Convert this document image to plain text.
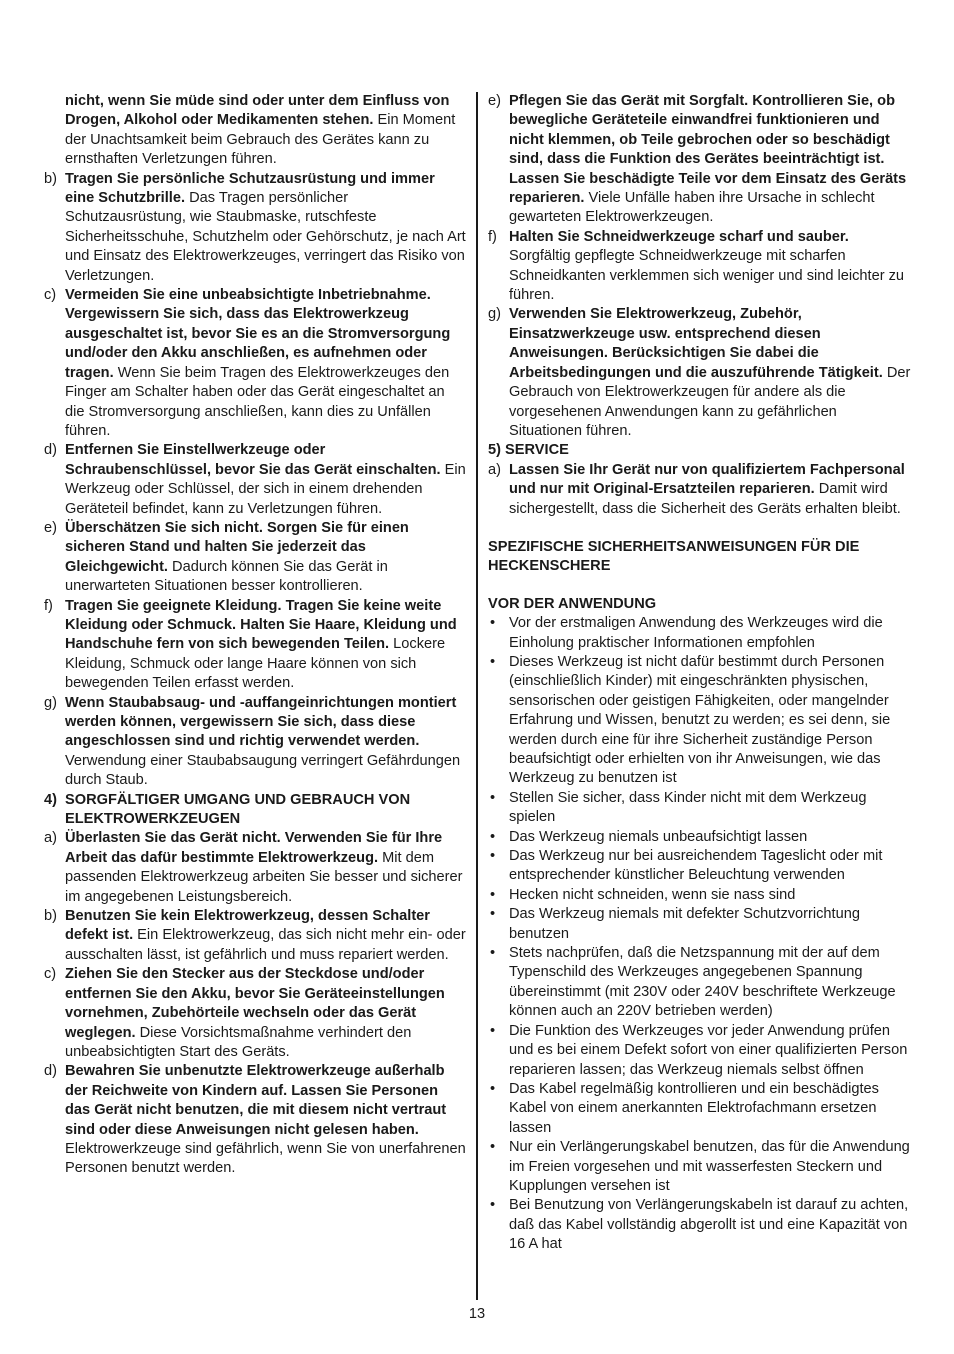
nicht, wenn Sie müde sind oder unter dem Einfluss von Drogen, Alkohol oder Medikamenten stehen. Ein Moment der Unachtsamkeit beim Gebrauch des Gerätes kann zu ernsthaften Verletzungen führen.

b) Tragen Sie persönliche Schutzausrüstung und immer eine Schutzbrille. Das Tragen persönlicher Schutzausrüstung, wie Staubmaske, rutschfeste Sicherheitsschuhe, Schutzhelm oder Gehörschutz, je nach Art und Einsatz des Elektrowerkzeuges, verringert das Risiko von Verletzungen.

c) Vermeiden Sie eine unbeabsichtigte Inbetriebnahme. Vergewissern Sie sich, dass das Elektrowerkzeug ausgeschaltet ist, bevor Sie es an die Stromversorgung und/oder den Akku anschließen, es aufnehmen oder tragen. Wenn Sie beim Tragen des Elektrowerkzeuges den Finger am Schalter haben oder das Gerät eingeschaltet an die Stromversorgung anschließen, kann dies zu Unfällen führen.

d) Entfernen Sie Einstellwerkzeuge oder Schraubenschlüssel, bevor Sie das Gerät einschalten. Ein Werkzeug oder Schlüssel, der sich in einem drehenden Geräteteil befindet, kann zu Verletzungen führen.

e) Überschätzen Sie sich nicht. Sorgen Sie für einen sicheren Stand und halten Sie jederzeit das Gleichgewicht. Dadurch können Sie das Gerät in unerwarteten Situationen besser kontrollieren.

f) Tragen Sie geeignete Kleidung. Tragen Sie keine weite Kleidung oder Schmuck. Halten Sie Haare, Kleidung und Handschuhe fern von sich bewegenden Teilen. Lockere Kleidung, Schmuck oder lange Haare können von sich bewegenden Teilen erfasst werden.

g) Wenn Staubabsaug- und -auffangeinrichtungen montiert werden können, vergewissern Sie sich, dass diese angeschlossen sind und richtig verwendet werden. Verwendung einer Staubabsaugung verringert Gefährdungen durch Staub.

4) SORGFÄLTIGER UMGANG UND GEBRAUCH VON ELEKTROWERKZEUGEN

a) Überlasten Sie das Gerät nicht. Verwenden Sie für Ihre Arbeit das dafür bestimmte Elektrowerkzeug. Mit dem passenden Elektrowerkzeug arbeiten Sie besser und sicherer im angegebenen Leistungsbereich.

b) Benutzen Sie kein Elektrowerkzeug, dessen Schalter defekt ist. Ein Elektrowerkzeug, das sich nicht mehr ein- oder ausschalten lässt, ist gefährlich und muss repariert werden.

c) Ziehen Sie den Stecker aus der Steckdose und/oder entfernen Sie den Akku, bevor Sie Geräteeinstellungen vornehmen, Zubehörteile wechseln oder das Gerät weglegen. Diese Vorsichtsmaßnahme verhindert den unbeabsichtigten Start des Geräts.

d) Bewahren Sie unbenutzte Elektrowerkzeuge außerhalb der Reichweite von Kindern auf. Lassen Sie Personen das Gerät nicht benutzen, die mit diesem nicht vertraut sind oder diese Anweisungen nicht gelesen haben. Elektrowerkzeuge sind gefährlich, wenn Sie von unerfahrenen Personen benutzt werden.

e) Pflegen Sie das Gerät mit Sorgfalt. Kontrollieren Sie, ob bewegliche Geräteteile einwandfrei funktionieren und nicht klemmen, ob Teile gebrochen oder so beschädigt sind, dass die Funktion des Gerätes beeinträchtigt ist. Lassen Sie beschädigte Teile vor dem Einsatz des Geräts reparieren. Viele Unfälle haben ihre Ursache in schlecht gewarteten Elektrowerkzeugen.

f) Halten Sie Schneidwerkzeuge scharf und sauber. Sorgfältig gepflegte Schneidwerkzeuge mit scharfen Schneidkanten verklemmen sich weniger und sind leichter zu führen.

g) Verwenden Sie Elektrowerkzeug, Zubehör, Einsatzwerkzeuge usw. entsprechend diesen Anweisungen. Berücksichtigen Sie dabei die Arbeitsbedingungen und die auszuführende Tätigkeit. Der Gebrauch von Elektrowerkzeugen für andere als die vorgesehenen Anwendungen kann zu gefährlichen Situationen führen.

5) SERVICE

a) Lassen Sie Ihr Gerät nur von qualifiziertem Fachpersonal und nur mit Original-Ersatzteilen reparieren. Damit wird sichergestellt, dass die Sicherheit des Geräts erhalten bleibt.

SPEZIFISCHE SICHERHEITSANWEISUNGEN FÜR DIE HECKENSCHERE

VOR DER ANWENDUNG

• Vor der erstmaligen Anwendung des Werkzeuges wird die Einholung praktischer Informationen empfohlen

• Dieses Werkzeug ist nicht dafür bestimmt durch Personen (einschließlich Kinder) mit eingeschränkten physischen, sensorischen oder geistigen Fähigkeiten, oder mangelnder Erfahrung und Wissen, benutzt zu werden; es sei denn, sie werden durch eine für ihre Sicherheit zuständige Person beaufsichtigt oder erhielten von ihr Anweisungen, wie das Werkzeug zu benutzen ist

• Stellen Sie sicher, dass Kinder nicht mit dem Werkzeug spielen

• Das Werkzeug niemals unbeaufsichtigt lassen

• Das Werkzeug nur bei ausreichendem Tageslicht oder mit entsprechender künstlicher Beleuchtung verwenden

• Hecken nicht schneiden, wenn sie nass sind

• Das Werkzeug niemals mit defekter Schutzvorrichtung benutzen

• Stets nachprüfen, daß die Netzspannung mit der auf dem Typenschild des Werkzeuges angegebenen Spannung übereinstimmt (mit 230V oder 240V beschriftete Werkzeuge können auch an 220V betrieben werden)

• Die Funktion des Werkzeuges vor jeder Anwendung prüfen und es bei einem Defekt sofort von einer qualifizierten Person reparieren lassen; das Werkzeug niemals selbst öffnen

• Das Kabel regelmäßig kontrollieren und ein beschädigtes Kabel von einem anerkannten Elektrofachmann ersetzen lassen

• Nur ein Verlängerungskabel benutzen, das für die Anwendung im Freien vorgesehen und mit wasserfesten Steckern und Kupplungen versehen ist

• Bei Benutzung von Verlängerungskabeln ist darauf zu achten, daß das Kabel vollständig abgerollt ist und eine Kapazität von 16 A hat

13
